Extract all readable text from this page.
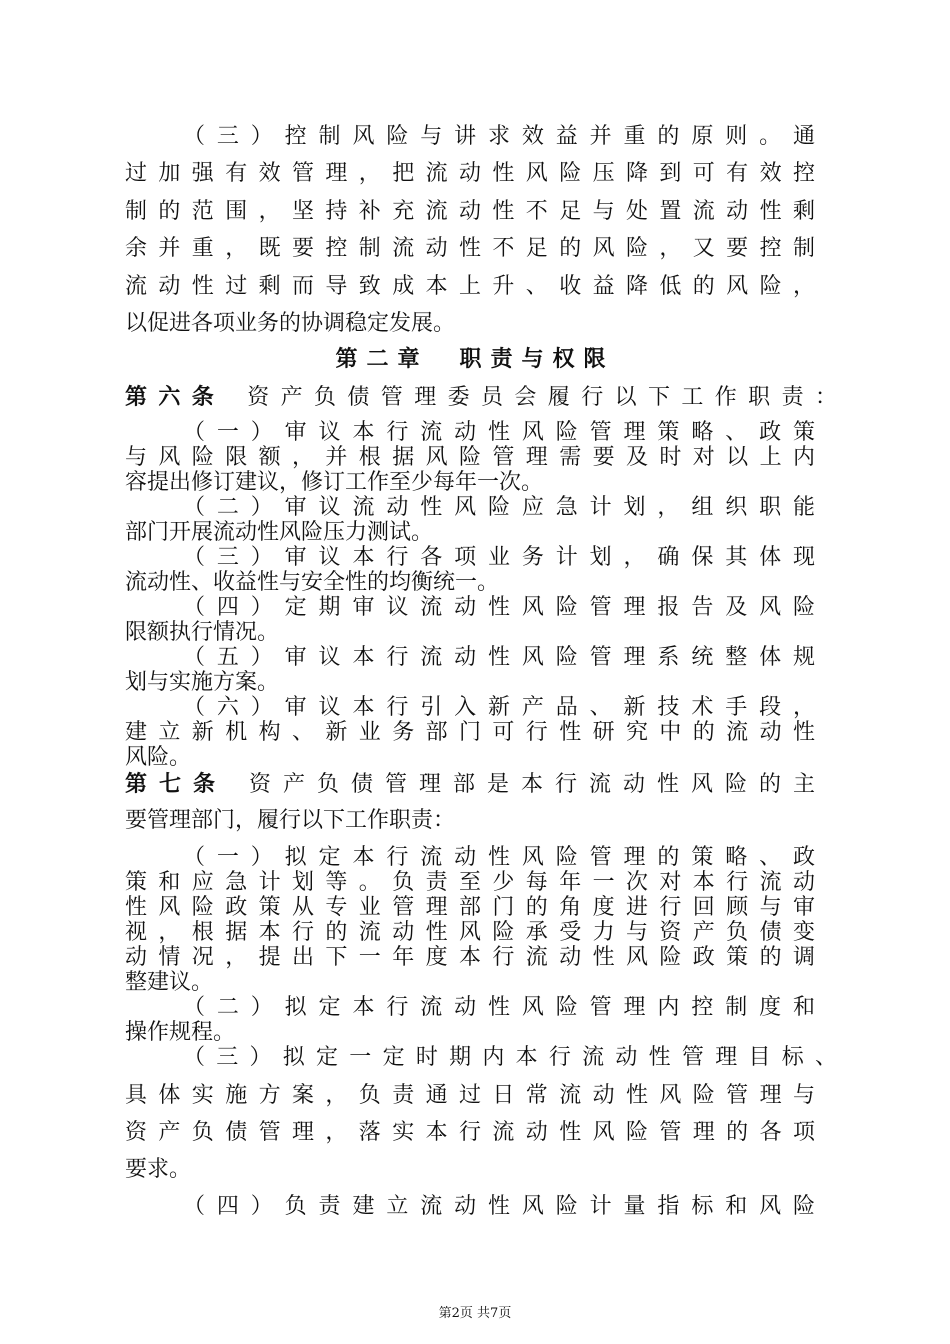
（三）控制风险与讲求效益并重的原则。通
过加强有效管理，把流动性风险压降到可有效控
制的范围，坚持补充流动性不足与处置流动性剩
余并重，既要控制流动性不足的风险，又要控制
流动性过剩而导致成本上升、收益降低的风险，
以促进各项业务的协调稳定发展。
第二章　职责与权限
第六条 资产负债管理委员会履行以下工作职责：
（一）审议本行流动性风险管理策略、政策
与风险限额，并根据风险管理需要及时对以上内
容提出修订建议，修订工作至少每年一次。
（二）审议流动性风险应急计划，组织职能
部门开展流动性风险压力测试。
（三）审议本行各项业务计划，确保其体现
流动性、收益性与安全性的均衡统一。
（四）定期审议流动性风险管理报告及风险
限额执行情况。
（五）审议本行流动性风险管理系统整体规
划与实施方案。
（六）审议本行引入新产品、新技术手段，
建立新机构、新业务部门可行性研究中的流动性
风险。
第七条 资产负债管理部是本行流动性风险的主
要管理部门，履行以下工作职责：
（一）拟定本行流动性风险管理的策略、政
策和应急计划等。负责至少每年一次对本行流动
性风险政策从专业管理部门的角度进行回顾与审
视，根据本行的流动性风险承受力与资产负债变
动情况，提出下一年度本行流动性风险政策的调
整建议。
（二）拟定本行流动性风险管理内控制度和
操作规程。
（三）拟定一定时期内本行流动性管理目标、
具体实施方案，负责通过日常流动性风险管理与
资产负债管理，落实本行流动性风险管理的各项
要求。
（四）负责建立流动性风险计量指标和风险
第2页 共7页
